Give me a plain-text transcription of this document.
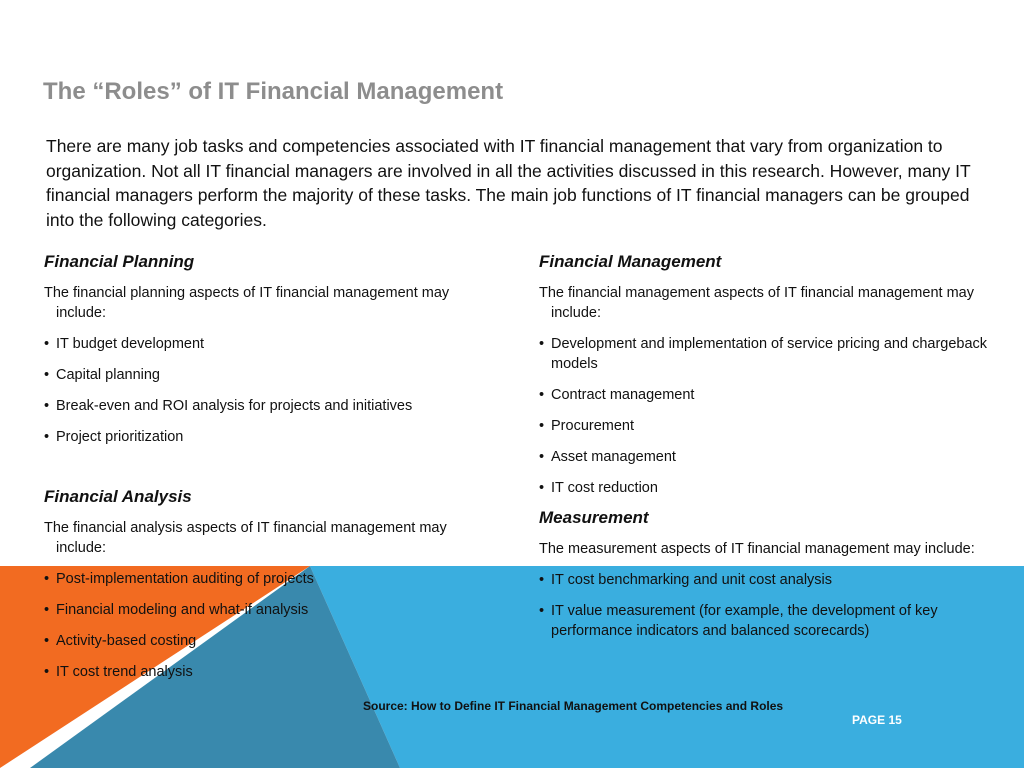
The “Roles” of IT Financial Management

There are many job tasks and competencies associated with IT financial management that vary from organization to organization. Not all IT financial managers are involved in all the activities discussed in this research. However, many IT financial managers perform the majority of these tasks. The main job functions of IT financial managers can be grouped into the following categories.

Financial Planning

The financial planning aspects of IT financial management may include:

• IT budget development
• Capital planning
• Break-even and ROI analysis for projects and initiatives
• Project prioritization
Financial Analysis

The financial analysis aspects of IT financial management may include:

• Post-implementation auditing of projects
• Financial modeling and what-if analysis
• Activity-based costing
• IT cost trend analysis
Financial Management

The financial management aspects of IT financial management may include:

• Development and implementation of service pricing and chargeback models
• Contract management
• Procurement
• Asset management
• IT cost reduction
Measurement

The measurement aspects of IT financial management may include:

• IT cost benchmarking and unit cost analysis
• IT value measurement (for example, the development of key performance indicators and balanced scorecards)

Source: How to Define IT Financial Management Competencies and Roles

PAGE 15
